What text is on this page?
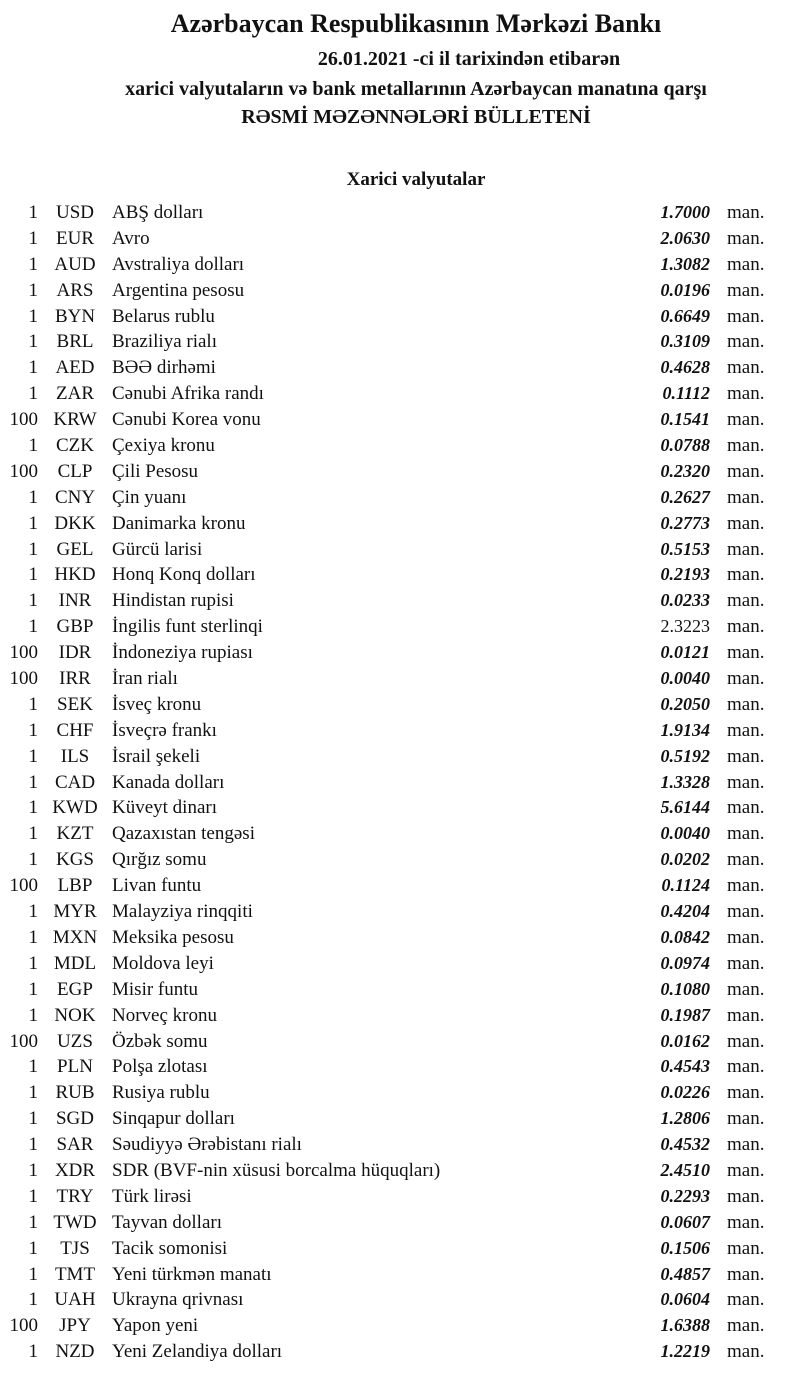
Azərbaycan Respublikasının Mərkəzi Bankı
26.01.2021 -ci il tarixindən etibarən
xarici valyutaların və bank metallarının Azərbaycan manatına qarşı
RƏSMİ MƏZƏNNƏLƏRİ BÜLLETENİ
Xarici valyutalar
1 USD ABŞ dolları	1.7000 man.
1 EUR Avro	2.0630 man.
1 AUD Avstraliya dolları	1.3082 man.
1 ARS Argentina pesosu	0.0196 man.
1 BYN Belarus rublu	0.6649 man.
1 BRL Braziliya rialı	0.3109 man.
1 AED BƏƏ dirhəmi	0.4628 man.
1 ZAR Cənubi Afrika randı	0.1112 man.
100 KRW Cənubi Korea vonu	0.1541 man.
1 CZK Çexiya kronu	0.0788 man.
100	CLP	Çili Pesosu	0.2320 man.
1 CNY Çin yuanı	0.2627 man.
1 DKK Danimarka kronu	0.2773 man.
1 GEL Gürcü larisi	0.5153 man.
1 HKD Honq Konq dolları	0.2193 man.
1	INR	Hindistan rupisi	0.0233 man.
1 GBP İngilis funt sterlinqi	2.3223 man.
100	IDR	İndoneziya rupiası	0.0121 man.
100	IRR	İran rialı	0.0040 man.
1	SEK	İsveç kronu	0.2050 man.
1 CHF İsveçrə frankı	1.9134 man.
1	ILS	İsrail şekeli	0.5192 man.
1 CAD Kanada dolları	1.3328 man.
1 KWD Küveyt dinarı	5.6144 man.
1 KZT Qazaxıstan tengəsi	0.0040 man.
1 KGS Qırğız somu	0.0202 man.
100	LBP	Livan funtu	0.1124 man.
1 MYR Malayziya rinqqiti	0.4204 man.
1 MXN Meksika pesosu	0.0842 man.
1 MDL Moldova leyi	0.0974 man.
1	EGP	Misir funtu	0.1080 man.
1 NOK Norveç kronu	0.1987 man.
100	UZS	Özbək somu	0.0162 man.
1	PLN	Polşa zlotası	0.4543 man.
1 RUB Rusiya rublu	0.0226 man.
1 SGD Sinqapur dolları	1.2806 man.
1 SAR Səudiyyə Ərəbistanı rialı	0.4532 man.
1 XDR SDR (BVF-nin xüsusi borcalma hüquqları)	2.4510 man.
1 TRY Türk lirəsi	0.2293 man.
1 TWD Tayvan dolları	0.0607 man.
1	TJS	Tacik somonisi	0.1506 man.
1 TMT Yeni türkmən manatı	0.4857 man.
1 UAH Ukrayna qrivnası	0.0604 man.
100	JPY	Yapon yeni	1.6388 man.
1 NZD Yeni Zelandiya dolları	1.2219 man.
